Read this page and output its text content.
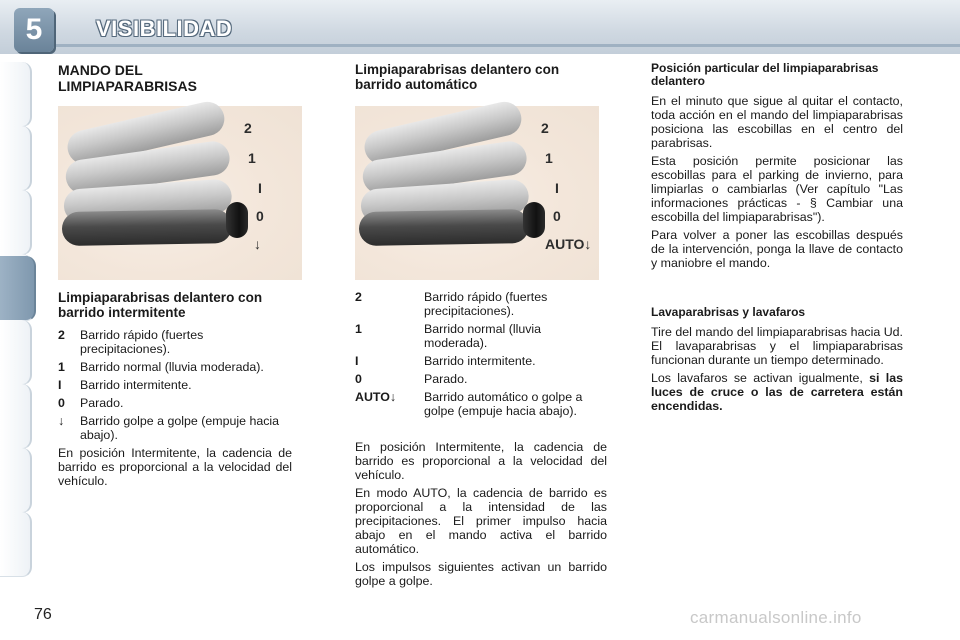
5	VISIBILIDAD
MANDO DEL LIMPIAPARABRISAS
2
1
I
0
↓
Limpiaparabrisas delantero con barrido intermitente
2	Barrido rápido (fuertes precipitaciones).
1	Barrido normal (lluvia moderada).
I	Barrido intermitente.
0	Parado.
↓	Barrido golpe a golpe (empuje hacia abajo).

En posición Intermitente, la cadencia de barrido es proporcional a la velocidad del vehículo.

Limpiaparabrisas delantero con barrido automático
2
1
I
0
AUTO↓
2	Barrido rápido (fuertes precipitaciones).
1	Barrido normal (lluvia moderada).
I	Barrido intermitente.
0	Parado.
AUTO↓	Barrido automático o golpe a golpe (empuje hacia abajo).

En posición Intermitente, la cadencia de barrido es proporcional a la velocidad del vehículo.

En modo AUTO, la cadencia de barrido es proporcional a la intensidad de las precipitaciones. El primer impulso hacia abajo en el mando activa el barrido automático.

Los impulsos siguientes activan un barrido golpe a golpe.

Posición particular del limpiaparabrisas delantero

En el minuto que sigue al quitar el contacto, toda acción en el mando del limpiaparabrisas posiciona las escobillas en el centro del parabrisas.

Esta posición permite posicionar las escobillas para el parking de invierno, para limpiarlas o cambiarlas (Ver capítulo "Las informaciones prácticas - § Cambiar una escobilla del limpiaparabrisas").

Para volver a poner las escobillas después de la intervención, ponga la llave de contacto y maniobre el mando.

Lavaparabrisas y lavafaros

Tire del mando del limpiaparabrisas hacia Ud. El lavaparabrisas y el limpiaparabrisas funcionan durante un tiempo determinado.

Los lavafaros se activan igualmente, si las luces de cruce o las de carretera están encendidas.

76	carmanualsonline.info
